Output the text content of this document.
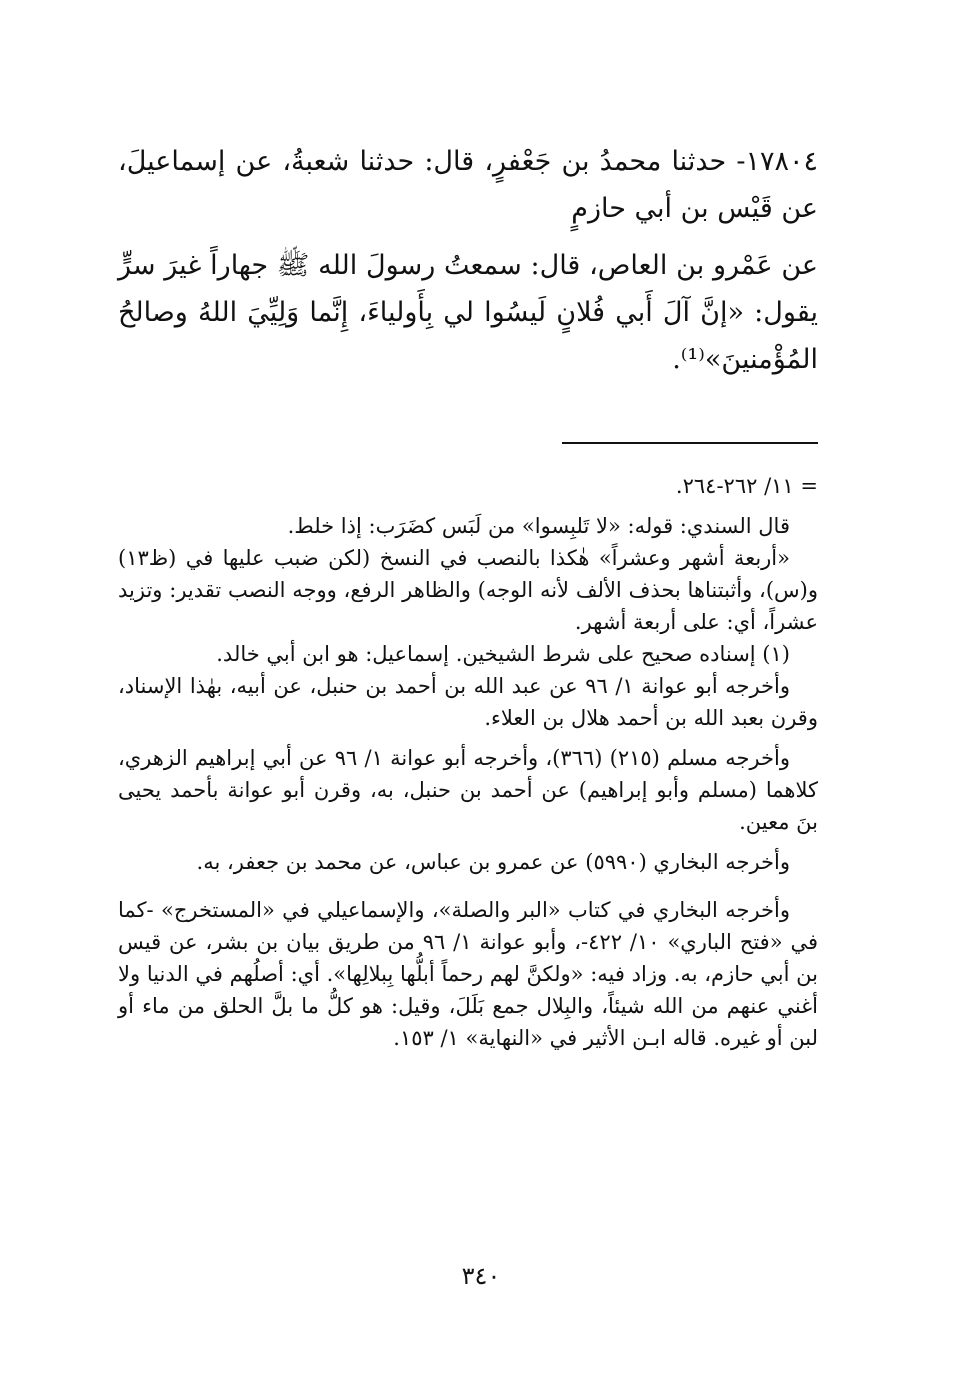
١٧٨٠٤- حدثنا محمدُ بن جَعْفرٍ، قال: حدثنا شعبةُ، عن إسماعيلَ، عن قَيْس بن أبي حازمٍ

عن عَمْرو بن العاص، قال: سمعتُ رسولَ الله ﷺ جهاراً غيرَ سرٍّ يقول: «إنَّ آلَ أَبي فُلانٍ لَيسُوا لي بِأَولياءَ، إِنَّما وَلِيِّيَ اللهُ وصالحُ المُؤْمنينَ»⁽¹⁾.

= ١١/ ٢٦٢-٢٦٤.

قال السندي: قوله: «لا تَلبِسوا» من لَبَس كضَرَب: إذا خلط.

«أربعة أشهر وعشراً» هٰكذا بالنصب في النسخ (لكن ضبب عليها في (ظ١٣) و(س)، وأثبتناها بحذف الألف لأنه الوجه) والظاهر الرفع، ووجه النصب تقدير: وتزيد عشراً، أي: على أربعة أشهر.

(١) إسناده صحيح على شرط الشيخين. إسماعيل: هو ابن أبي خالد.

وأخرجه أبو عوانة ١/ ٩٦ عن عبد الله بن أحمد بن حنبل، عن أبيه، بهٰذا الإسناد، وقرن بعبد الله بن أحمد هلال بن العلاء.

وأخرجه مسلم (٢١٥) (٣٦٦)، وأخرجه أبو عوانة ١/ ٩٦ عن أبي إبراهيم الزهري، كلاهما (مسلم وأبو إبراهيم) عن أحمد بن حنبل، به، وقرن أبو عوانة بأحمد يحيى بنَ معين.

وأخرجه البخاري (٥٩٩٠) عن عمرو بن عباس، عن محمد بن جعفر، به.

وأخرجه البخاري في كتاب «البر والصلة»، والإسماعيلي في «المستخرج» -كما في «فتح الباري» ١٠/ ٤٢٢-، وأبو عوانة ١/ ٩٦ من طريق بيان بن بشر، عن قيس بن أبي حازم، به. وزاد فيه: «ولكنَّ لهم رحماً أبلُّها بِبلالِها». أي: أصلُهم في الدنيا ولا أغني عنهم من الله شيئاً، والبِلال جمع بَلَلَ، وقيل: هو كلُّ ما بلَّ الحلق من ماء أو لبن أو غيره. قاله ابـن الأثير في «النهاية» ١/ ١٥٣.

٣٤٠
